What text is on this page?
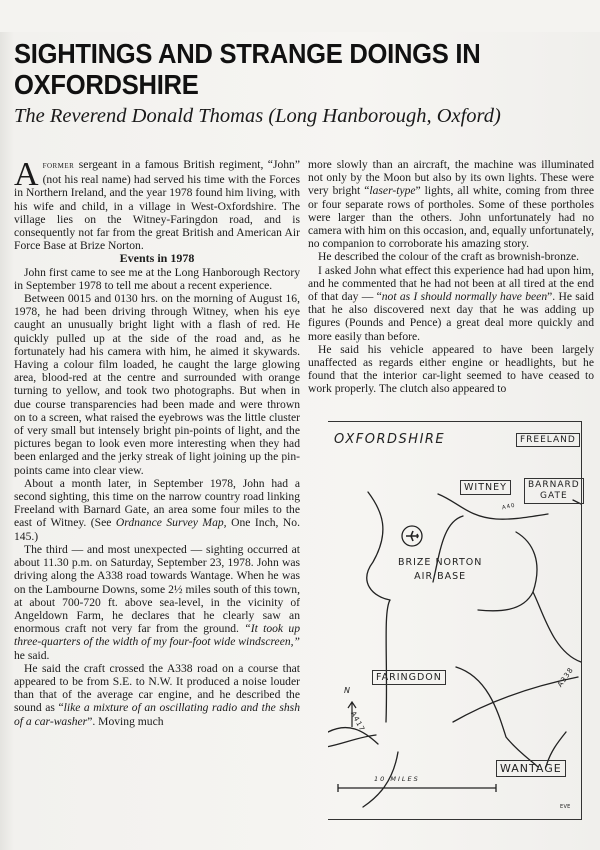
SIGHTINGS AND STRANGE DOINGS IN OXFORDSHIRE
The Reverend Donald Thomas (Long Hanborough, Oxford)

Aformer sergeant in a famous British regiment, “John” (not his real name) had served his time with the Forces in Northern Ireland, and the year 1978 found him living, with his wife and child, in a village in West-Oxfordshire. The village lies on the Witney-Faringdon road, and is consequently not far from the great British and American Air Force Base at Brize Norton.

Events in 1978

John first came to see me at the Long Hanborough Rectory in September 1978 to tell me about a recent experience.

Between 0015 and 0130 hrs. on the morning of August 16, 1978, he had been driving through Witney, when his eye caught an unusually bright light with a flash of red. He quickly pulled up at the side of the road and, as he fortunately had his camera with him, he aimed it skywards. Having a colour film loaded, he caught the large glowing area, blood-red at the centre and surrounded with orange turning to yellow, and took two photographs. But when in due course transparencies had been made and were thrown on to a screen, what raised the eyebrows was the little cluster of very small but intensely bright pin-points of light, and the pictures began to look even more interesting when they had been enlarged and the jerky streak of light joining up the pin-points came into clear view.

About a month later, in September 1978, John had a second sighting, this time on the narrow country road linking Freeland with Barnard Gate, an area some four miles to the east of Witney. (See Ordnance Survey Map, One Inch, No. 145.)

The third — and most unexpected — sighting occurred at about 11.30 p.m. on Saturday, September 23, 1978. John was driving along the A338 road towards Wantage. When he was on the Lambourne Downs, some 2½ miles south of this town, at about 700-720 ft. above sea-level, in the vicinity of Angeldown Farm, he declares that he clearly saw an enormous craft not very far from the ground. “It took up three-quarters of the width of my four-foot wide windscreen,” he said.

He said the craft crossed the A338 road on a course that appeared to be from S.E. to N.W. It produced a noise louder than that of the average car engine, and he described the sound as “like a mixture of an oscillating radio and the shsh of a car-washer”. Moving much

more slowly than an aircraft, the machine was illuminated not only by the Moon but also by its own lights. These were very bright “laser-type” lights, all white, coming from three or four separate rows of portholes. Some of these portholes were larger than the others. John unfortunately had no camera with him on this occasion, and, equally unfortunately, no companion to corroborate his amazing story.

He described the colour of the craft as brownish-bronze.

I asked John what effect this experience had had upon him, and he commented that he had not been at all tired at the end of that day — “not as I should normally have been”. He said that he also discovered next day that he was adding up figures (Pounds and Pence) a great deal more quickly and more easily than before.

He said his vehicle appeared to have been largely unaffected as regards either engine or headlights, but he found that the interior car-light seemed to have ceased to work properly. The clutch also appeared to

OXFORDSHIRE	FREELAND
WITNEY	BARNARD
GATE
A40
BRIZE NORTON
AIR BASE
A417
FARINGDON
N
A338
WANTAGE
10 MILES
EVE
